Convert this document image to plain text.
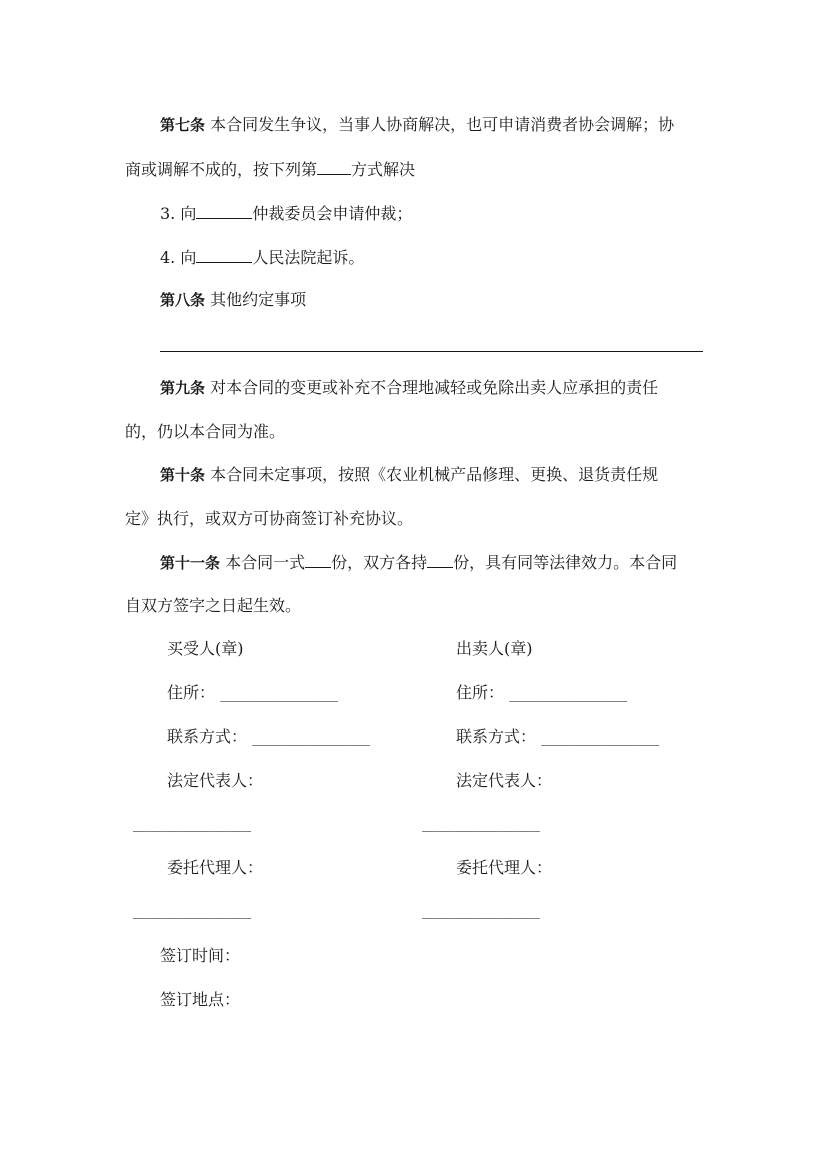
第七条 本合同发生争议，当事人协商解决，也可申请消费者协会调解；协
商或调解不成的，按下列第 方式解决
3. 向	仲裁委员会申请仲裁；
4. 向	人民法院起诉。
第八条 其他约定事项
第九条 对本合同的变更或补充不合理地减轻或免除出卖人应承担的责任
的，仍以本合同为准。
第十条 本合同未定事项，按照《农业机械产品修理、更换、退货责任规
定》执行，或双方可协商签订补充协议。
第十一条 本合同一式 份，双方各持 份，具有同等法律效力。本合同
自双方签字之日起生效。
买受人(章)
住所： ______________
联系方式： ______________
法定代表人：
______________
委托代理人：
______________
出卖人(章)
住所： ______________
联系方式： ______________
法定代表人：
______________
委托代理人：
______________
签订时间：
签订地点：
